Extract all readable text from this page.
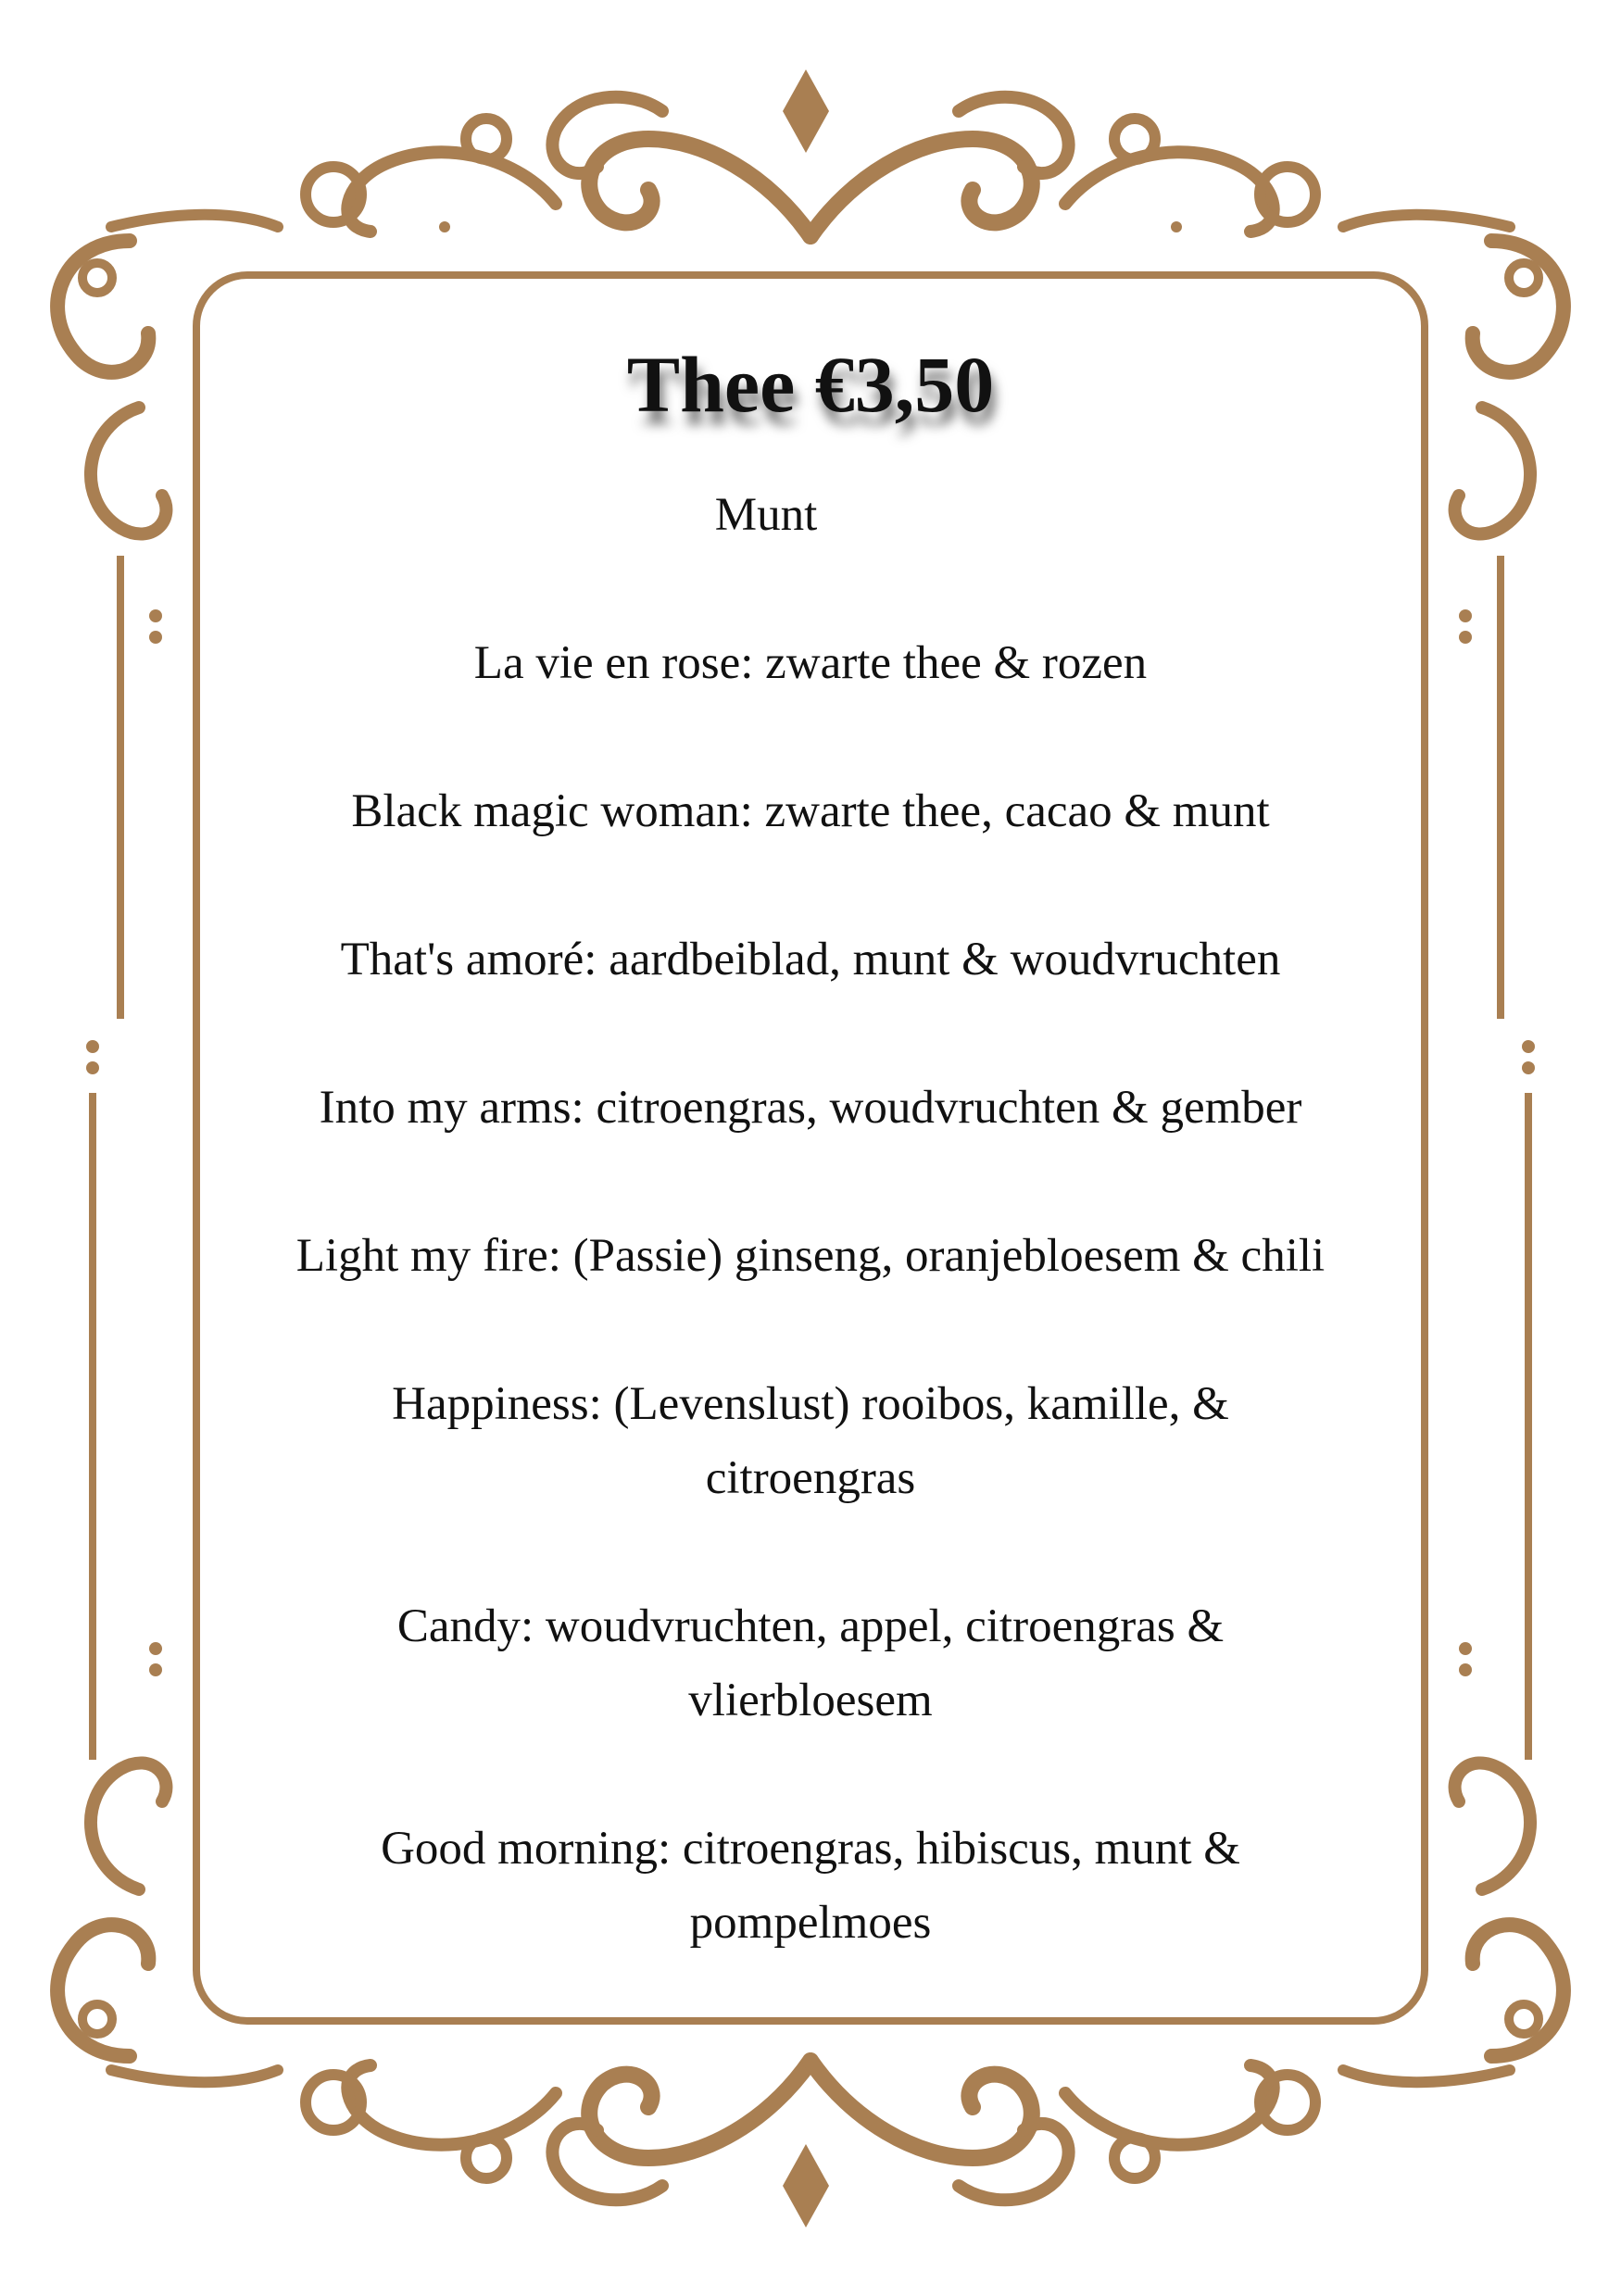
Thee €3,50
Munt
La vie en rose: zwarte thee & rozen
Black magic woman: zwarte thee, cacao & munt
That's amoré: aardbeiblad, munt & woudvruchten
Into my arms: citroengras, woudvruchten & gember
Light my fire: (Passie) ginseng, oranjebloesem & chili
Happiness: (Levenslust) rooibos, kamille, &
citroengras
Candy: woudvruchten, appel, citroengras &
vlierbloesem
Good morning: citroengras, hibiscus, munt &
pompelmoes
